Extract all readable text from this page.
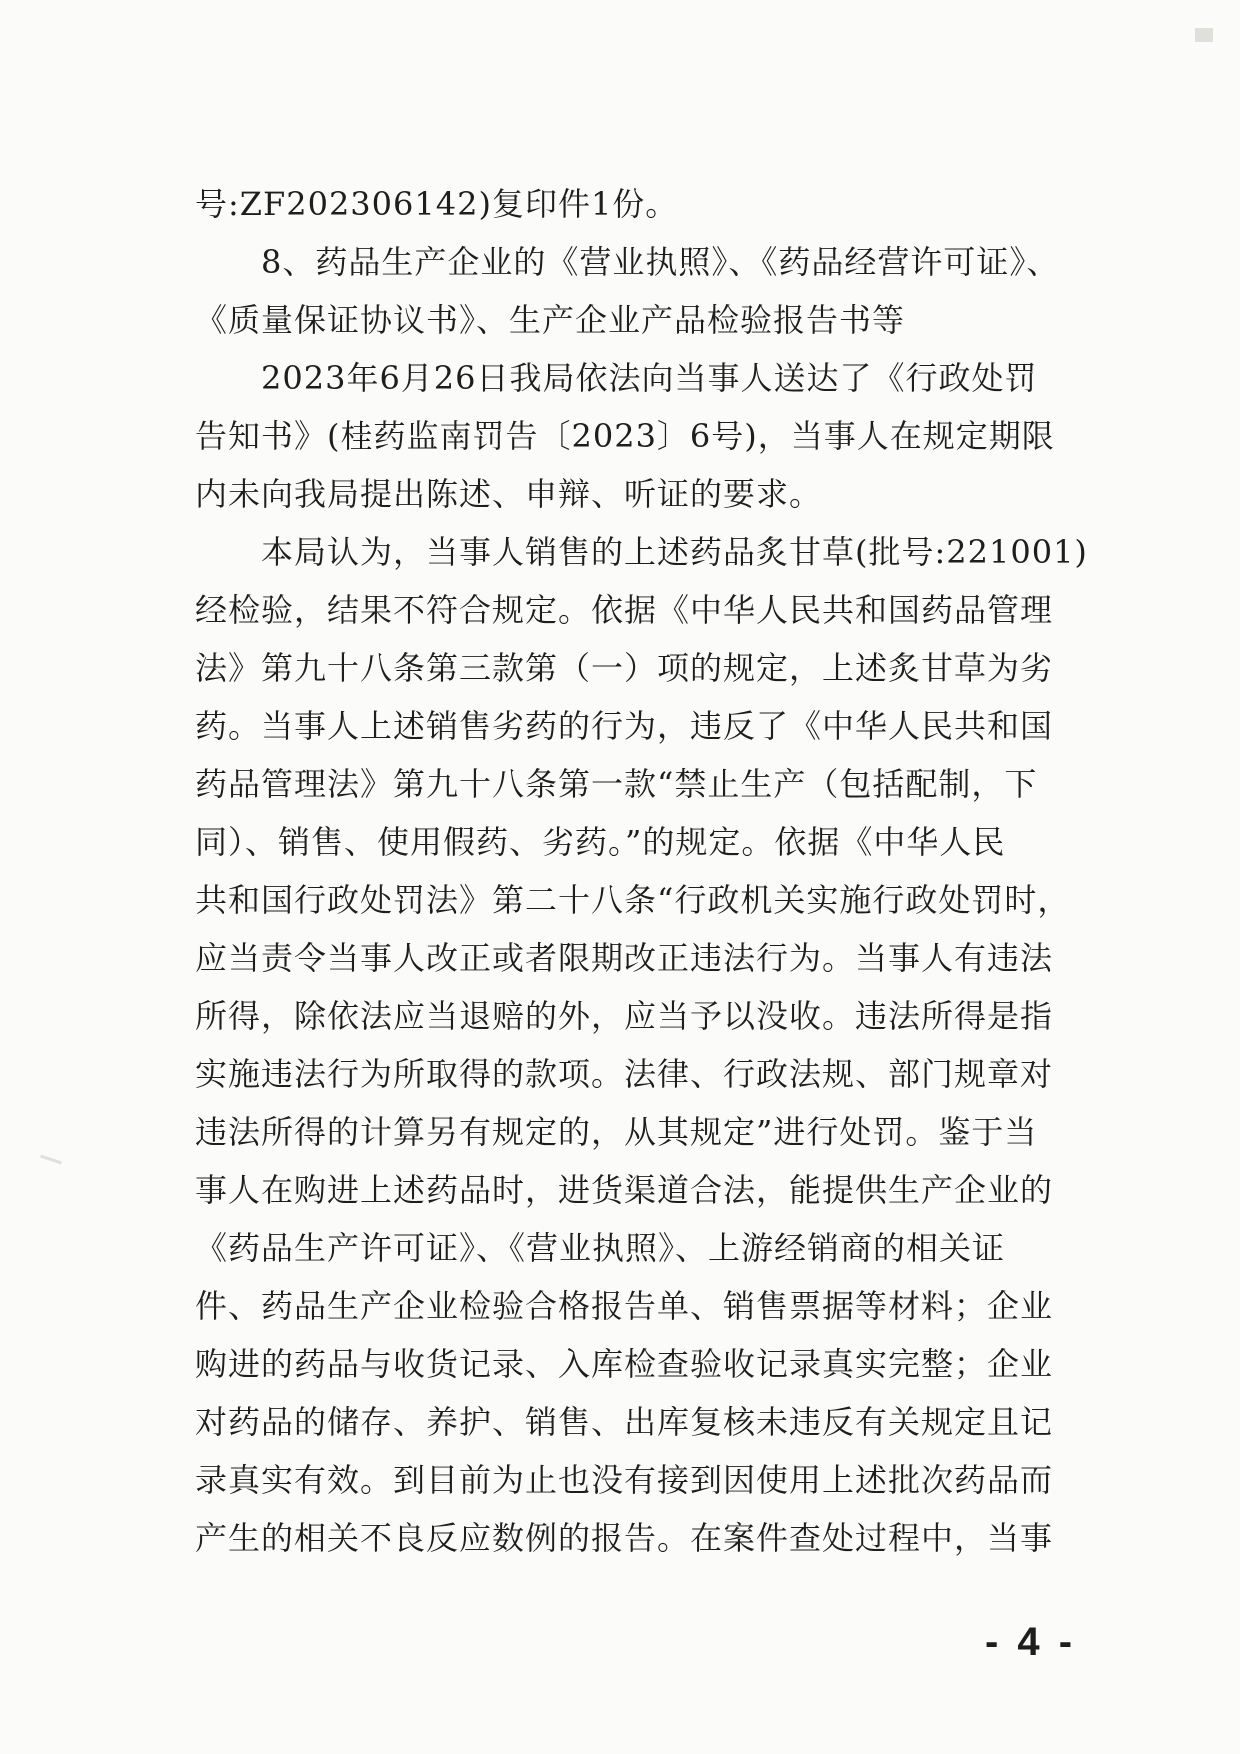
号:ZF202306142)复印件1份。
　　8、药品生产企业的《营业执照》、《药品经营许可证》、
《质量保证协议书》、生产企业产品检验报告书等
　　2023年6月26日我局依法向当事人送达了《行政处罚
告知书》(桂药监南罚告〔2023〕6号)，当事人在规定期限
内未向我局提出陈述、申辩、听证的要求。
　　本局认为，当事人销售的上述药品炙甘草(批号:221001)
经检验，结果不符合规定。依据《中华人民共和国药品管理
法》第九十八条第三款第（一）项的规定，上述炙甘草为劣
药。当事人上述销售劣药的行为，违反了《中华人民共和国
药品管理法》第九十八条第一款“禁止生产（包括配制，下
同）、销售、使用假药、劣药。”的规定。依据《中华人民
共和国行政处罚法》第二十八条“行政机关实施行政处罚时，
应当责令当事人改正或者限期改正违法行为。当事人有违法
所得，除依法应当退赔的外，应当予以没收。违法所得是指
实施违法行为所取得的款项。法律、行政法规、部门规章对
违法所得的计算另有规定的，从其规定”进行处罚。鉴于当
事人在购进上述药品时，进货渠道合法，能提供生产企业的
《药品生产许可证》、《营业执照》、上游经销商的相关证
件、药品生产企业检验合格报告单、销售票据等材料；企业
购进的药品与收货记录、入库检查验收记录真实完整；企业
对药品的储存、养护、销售、出库复核未违反有关规定且记
录真实有效。到目前为止也没有接到因使用上述批次药品而
产生的相关不良反应数例的报告。在案件查处过程中，当事
- 4 -
